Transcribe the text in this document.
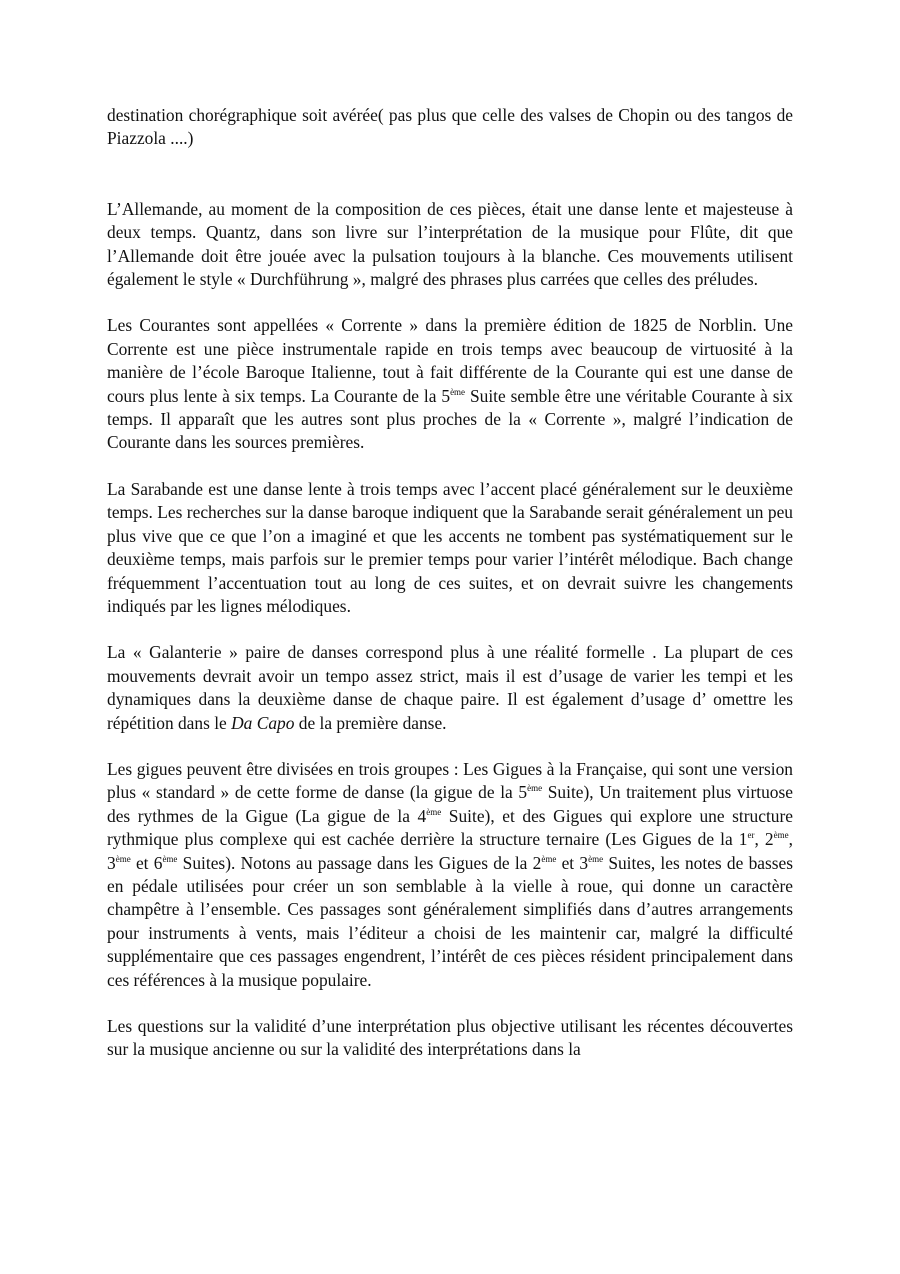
destination chorégraphique soit avérée( pas plus que celle des valses de Chopin ou des tangos de Piazzola ....)

L’Allemande, au moment de la composition de ces pièces, était une danse lente et majesteuse à deux temps. Quantz, dans son livre sur l’interprétation de la musique pour Flûte, dit que l’Allemande doit être jouée avec la pulsation toujours à la blanche. Ces mouvements utilisent également le style « Durchführung », malgré des phrases plus carrées que celles des préludes.

Les Courantes sont appellées « Corrente » dans la première édition de 1825 de Norblin. Une Corrente est une pièce instrumentale rapide en trois temps avec beaucoup de virtuosité à la manière de l’école Baroque Italienne, tout à fait différente de la Courante qui est une danse de cours plus lente à six temps. La Courante de la 5ème Suite semble être une véritable Courante à six temps. Il apparaît que les autres sont plus proches de la « Corrente », malgré l’indication de Courante dans les sources premières.

La Sarabande est une danse lente à trois temps avec l’accent placé généralement sur le deuxième temps. Les recherches sur la danse baroque indiquent que la Sarabande serait généralement un peu plus vive que ce que l’on a imaginé et que les accents ne tombent pas systématiquement sur le deuxième temps, mais parfois sur le premier temps pour varier l’intérêt mélodique. Bach change fréquemment l’accentuation tout au long de ces suites, et on devrait suivre les changements indiqués par les lignes mélodiques.

La « Galanterie » paire de danses correspond plus à une réalité formelle . La plupart de ces mouvements devrait avoir un tempo assez strict, mais il est d’usage de varier les tempi et les dynamiques dans la deuxième danse de chaque paire. Il est également d’usage d’ omettre les répétition dans le Da Capo de la première danse.

Les gigues peuvent être divisées en trois groupes : Les Gigues à la Française, qui sont une version plus « standard » de cette forme de danse (la gigue de la 5ème Suite), Un traitement plus virtuose des rythmes de la Gigue (La gigue de la 4ème Suite), et des Gigues qui explore une structure rythmique plus complexe qui est cachée derrière la structure ternaire (Les Gigues de la 1er, 2ème, 3ème et 6ème Suites). Notons au passage dans les Gigues de la 2ème et 3ème Suites, les notes de basses en pédale utilisées pour créer un son semblable à la vielle à roue, qui donne un caractère champêtre à l’ensemble. Ces passages sont généralement simplifiés dans d’autres arrangements pour instruments à vents, mais l’éditeur a choisi de les maintenir car, malgré la difficulté supplémentaire que ces passages engendrent, l’intérêt de ces pièces résident principalement dans ces références à la musique populaire.

Les questions sur la validité d’une interprétation plus objective utilisant les récentes découvertes sur la musique ancienne ou sur la validité des interprétations dans la
